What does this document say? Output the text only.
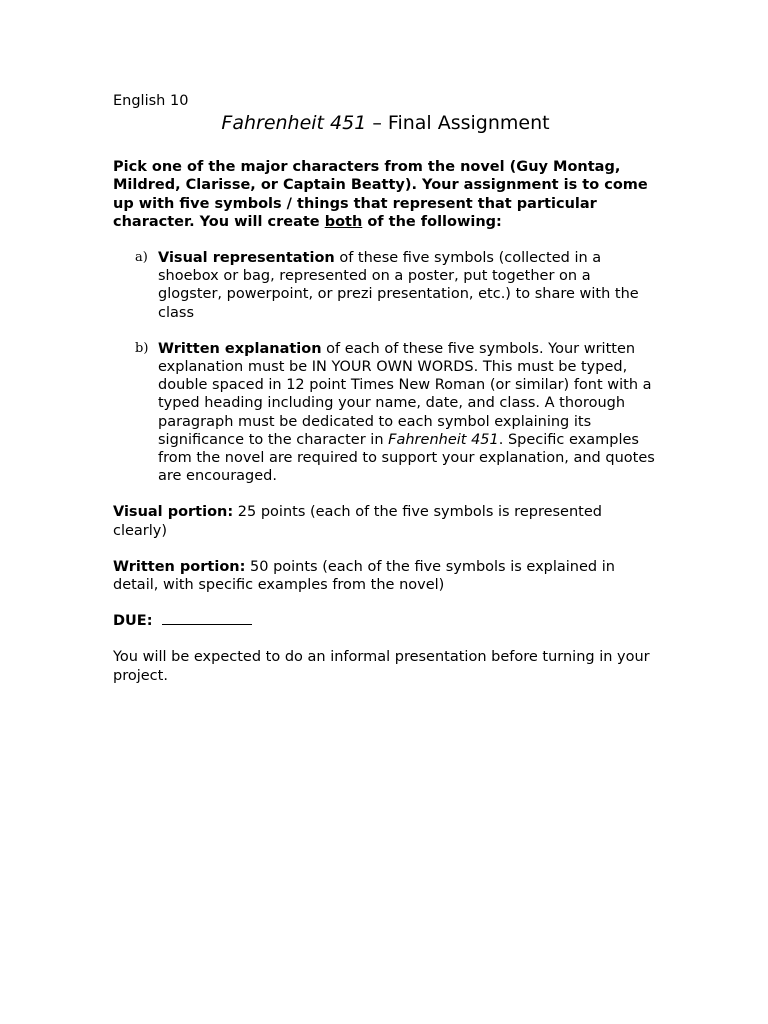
English 10

Fahrenheit 451 – Final Assignment

Pick one of the major characters from the novel (Guy Montag, Mildred, Clarisse, or Captain Beatty). Your assignment is to come up with five symbols / things that represent that particular character. You will create both of the following:

a) Visual representation of these five symbols (collected in a shoebox or bag, represented on a poster, put together on a glogster, powerpoint, or prezi presentation, etc.) to share with the class
b) Written explanation of each of these five symbols. Your written explanation must be IN YOUR OWN WORDS. This must be typed, double spaced in 12 point Times New Roman (or similar) font with a typed heading including your name, date, and class. A thorough paragraph must be dedicated to each symbol explaining its significance to the character in Fahrenheit 451. Specific examples from the novel are required to support your explanation, and quotes are encouraged.

Visual portion: 25 points (each of the five symbols is represented clearly)

Written portion: 50 points (each of the five symbols is explained in detail, with specific examples from the novel)

DUE:

You will be expected to do an informal presentation before turning in your project.
